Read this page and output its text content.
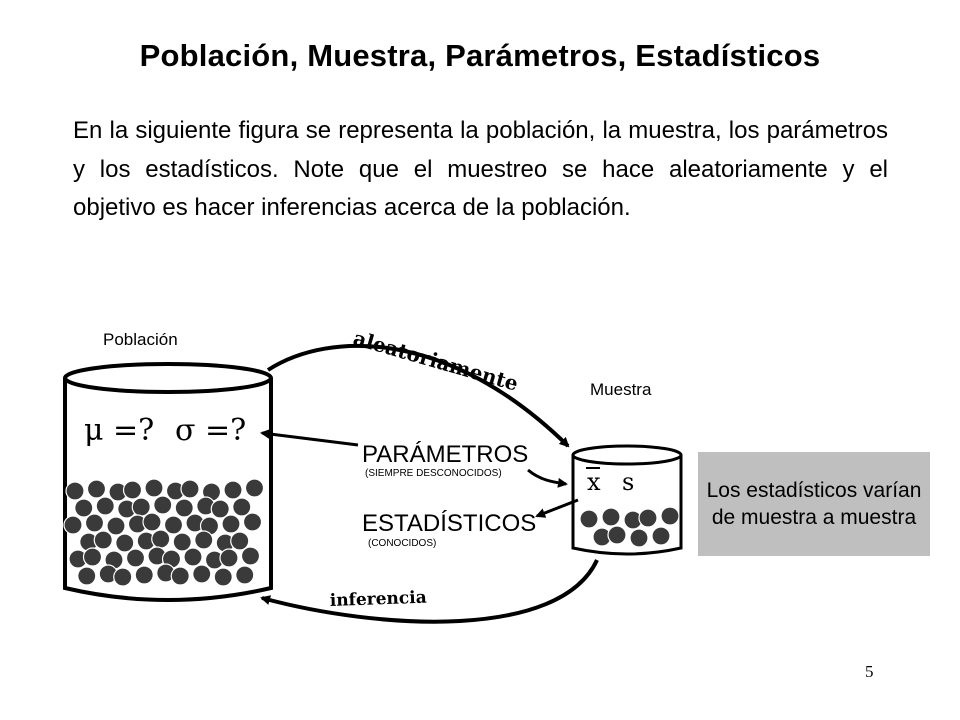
Población, Muestra, Parámetros, Estadísticos
En la siguiente figura se representa la población, la muestra, los parámetros y los estadísticos. Note que el muestreo se hace aleatoriamente y el objetivo es hacer inferencias acerca de la población.
Población
Muestra
aleatoriamente
μ =? σ =?
PARÁMETROS
(SIEMPRE DESCONOCIDOS)
ESTADÍSTICOS
(CONOCIDOS)
x s
inferencia
Los estadísticos varían de muestra a muestra
5
